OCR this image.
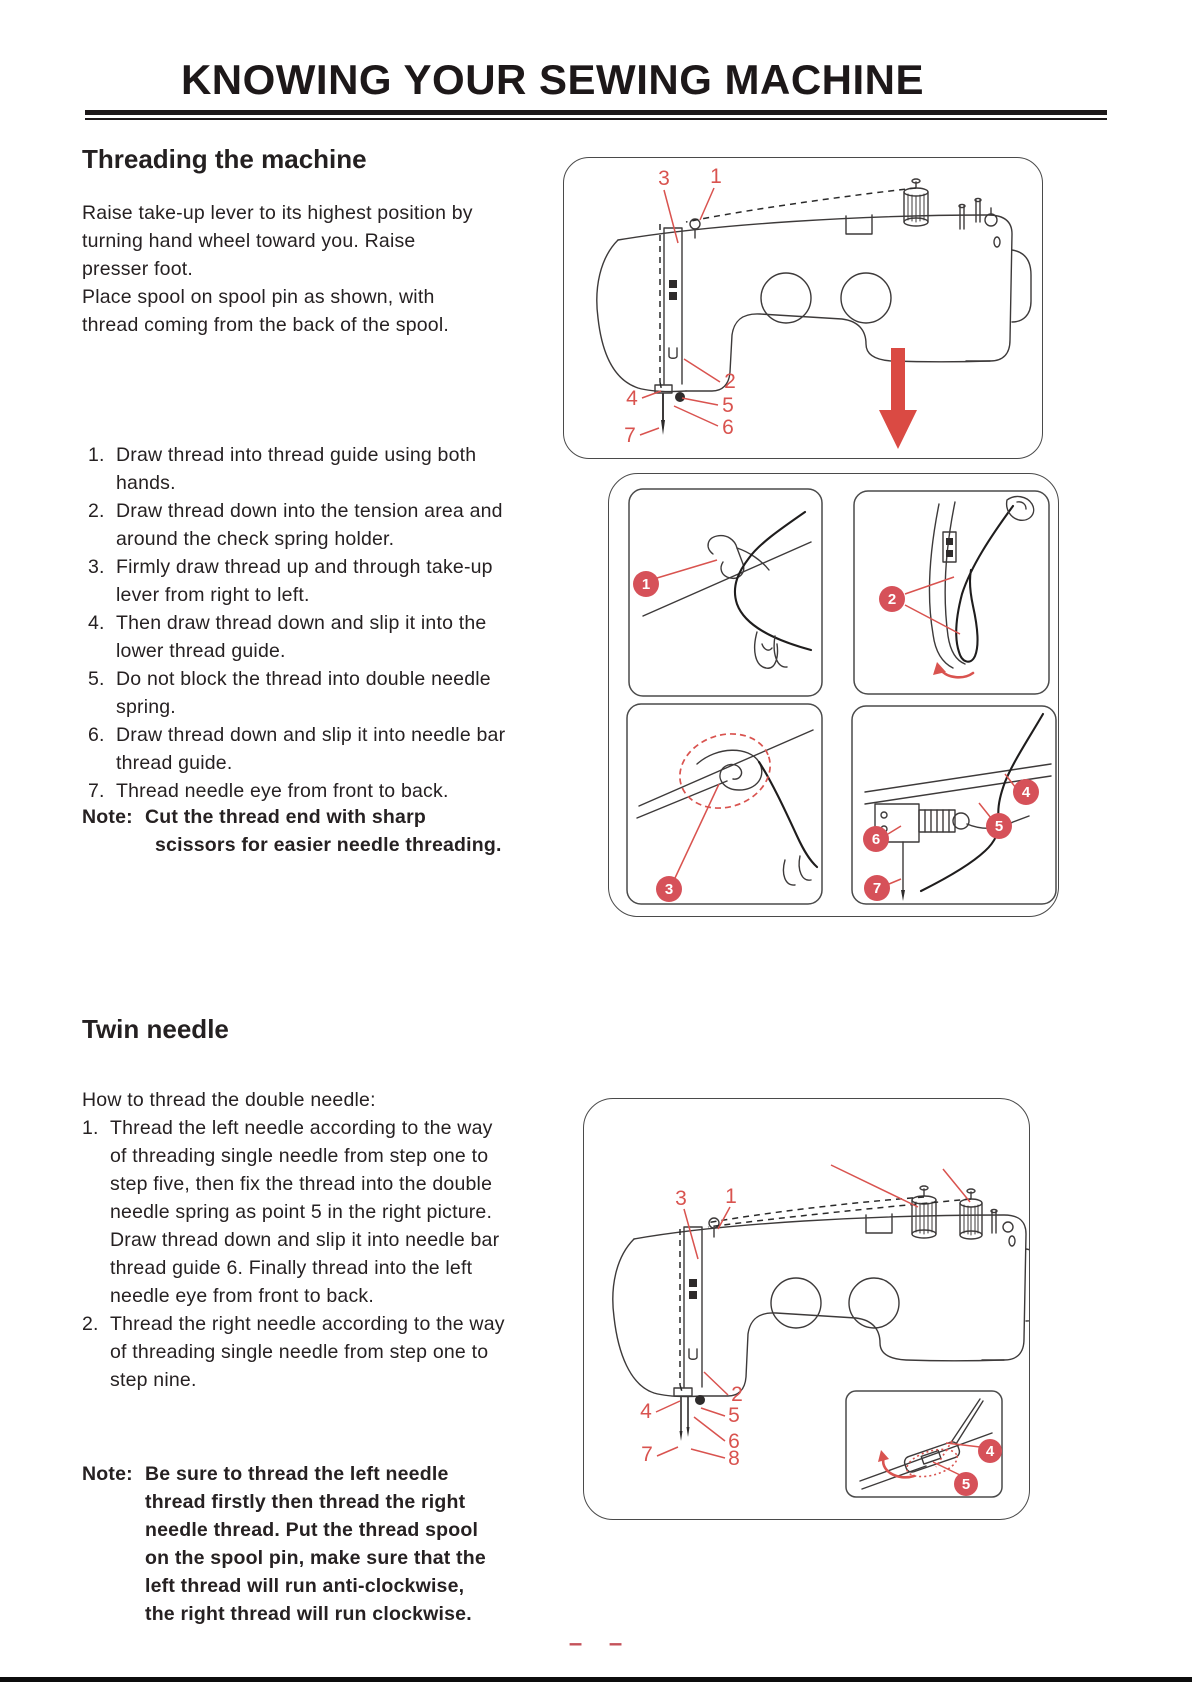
KNOWING YOUR SEWING MACHINE
Threading the machine

Raise take-up lever to its highest position by turning hand wheel toward you. Raise presser foot.

Place spool on spool pin as shown, with thread coming from the back of the spool.

1. Draw thread into thread guide using both hands.
2. Draw thread down into the tension area and around the check spring holder.
3. Firmly draw thread up and through take-up lever from right to left.
4. Then draw thread down and slip it into the lower thread guide.
5. Do not block the thread into double needle spring.
6. Draw thread down and slip it into needle bar thread guide.
7. Thread needle eye from front to back.
Note: Cut the thread end with sharp
scissors for easier needle threading.
3 1
2
4	5
6
7
1
2
3
4
5
6
7
Twin needle
How to thread the double needle:
1. Thread the left needle according to the way of threading single needle from step one to step five, then fix the thread into the double needle spring as point 5 in the right picture. Draw thread down and slip it into needle bar thread guide 6. Finally thread into the left needle eye from front to back.
2. Thread the right needle according to the way of threading single needle from step one to step nine.
Note: Be sure to thread the left needle
thread firstly then thread the right
needle thread. Put the thread spool
on the spool pin, make sure that the
left thread will run anti-clockwise,
the right thread will run clockwise.
3 1
2
4	5
6
7	8	4
5
– –
